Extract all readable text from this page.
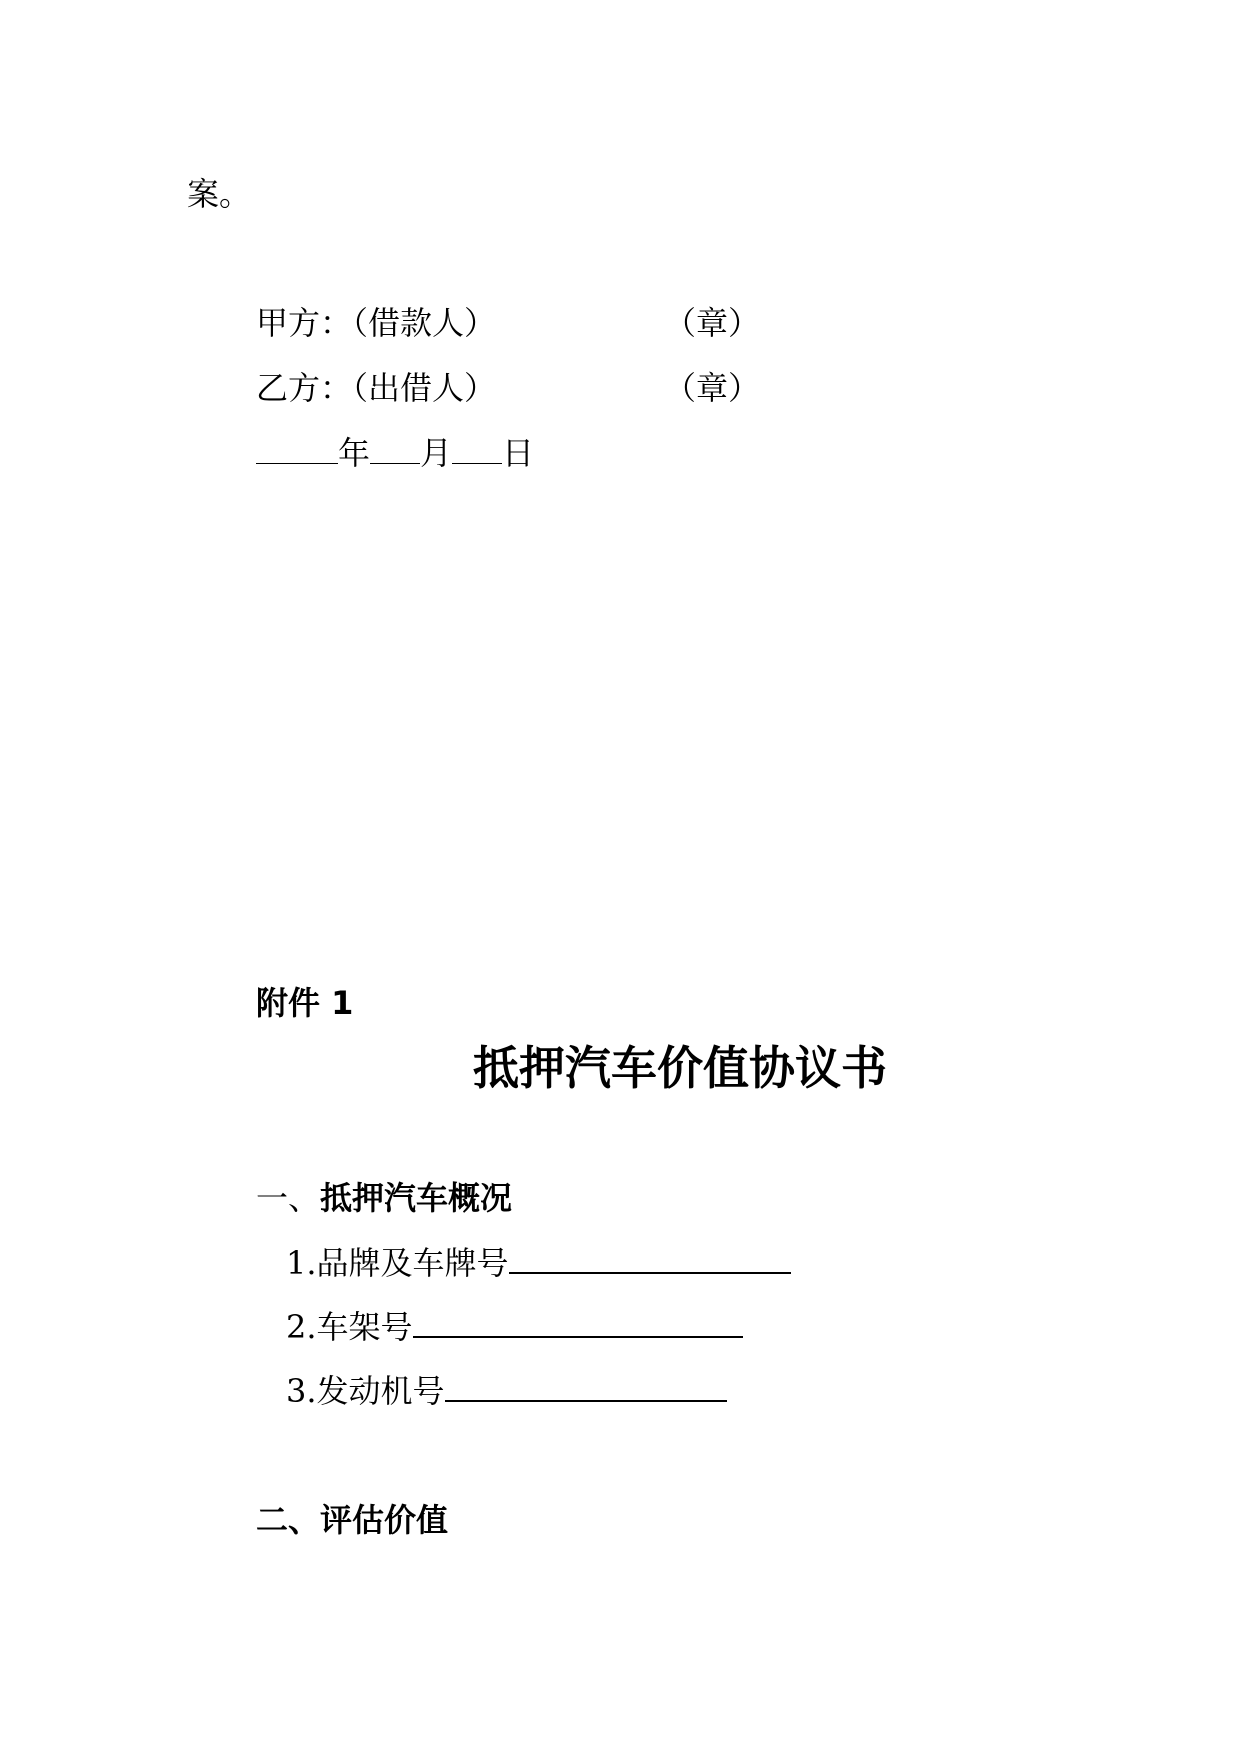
案。
甲方：（借款人）	（章）
乙方：（出借人）	（章）
年 月 日
附件 1
抵押汽车价值协议书
一、抵押汽车概况
1.品牌及车牌号
2.车架号
3.发动机号
二、评估价值
